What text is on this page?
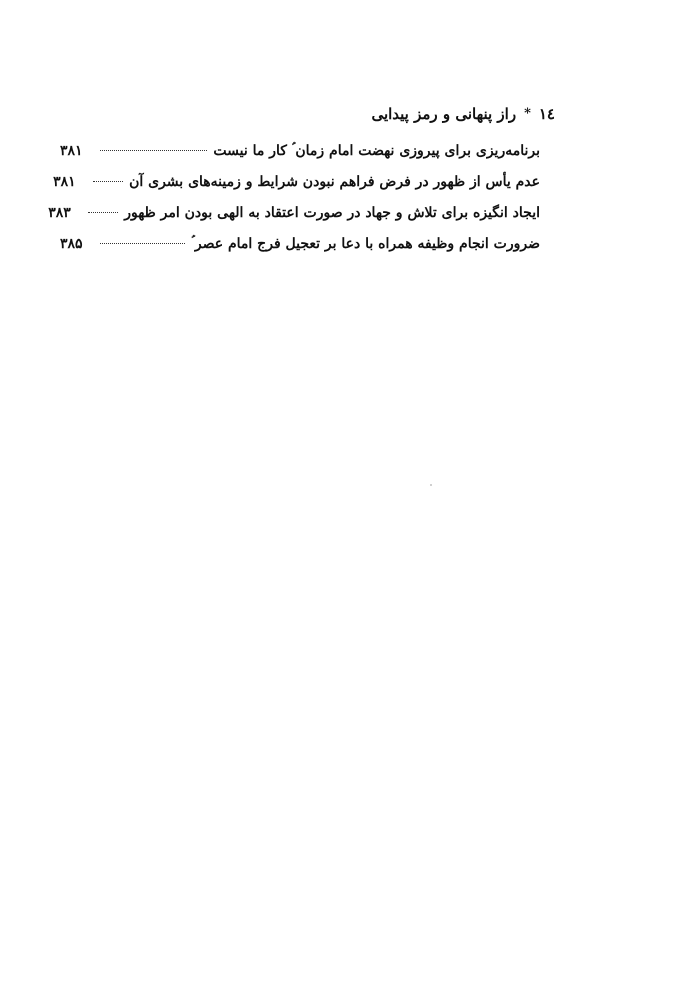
١٤
*
راز پنهانی و رمز پیدایی
برنامه‌ریزی برای پیروزی نهضت امام زمان ؑ کار ما نیست
۳۸۱
عدم یأس از ظهور در فرض فراهم نبودن شرایط و زمینه‌های بشری آن
۳۸۱
ایجاد انگیزه برای تلاش و جهاد در صورت اعتقاد به الهی بودن امر ظهور
۳۸۳
ضرورت انجام وظیفه همراه با دعا بر تعجیل فرج امام عصر ؑ
۳۸۵
